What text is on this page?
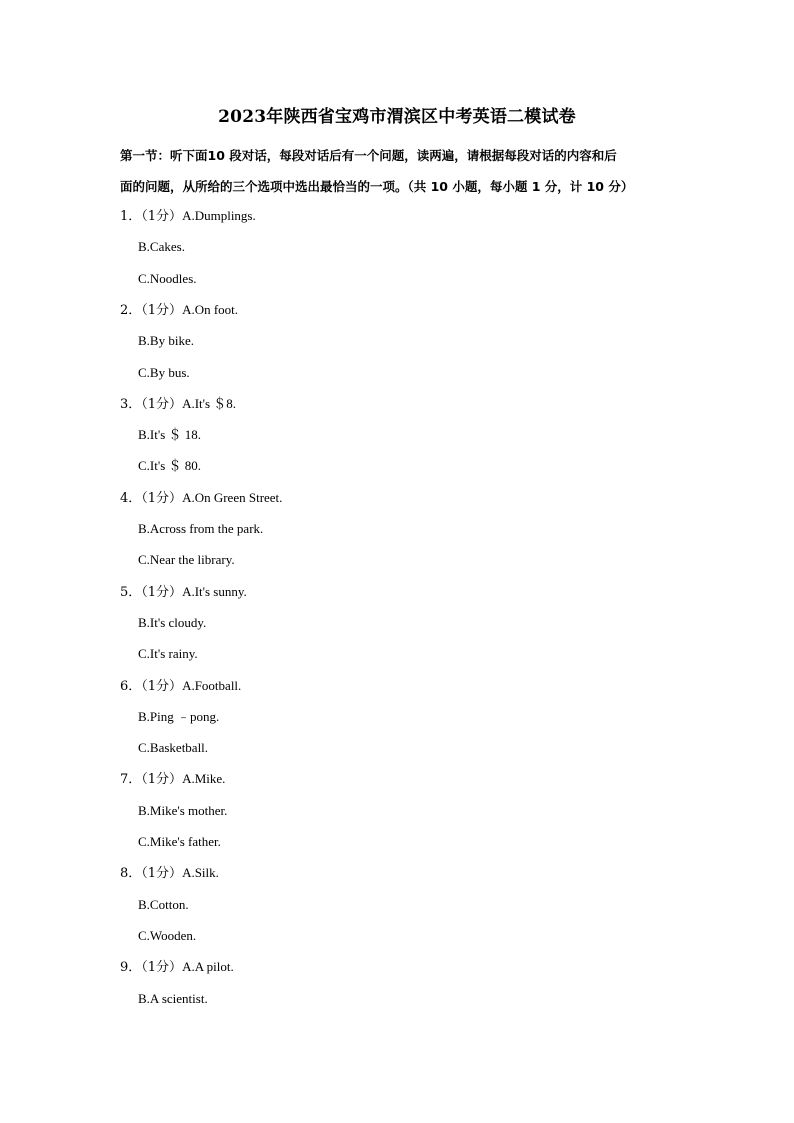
2023年陕西省宝鸡市渭滨区中考英语二模试卷
第一节：听下面10 段对话，每段对话后有一个问题，读两遍，请根据每段对话的内容和后
面的问题，从所给的三个选项中选出最恰当的一项。（共 10 小题，每小题 1 分，计 10 分）
1．（1分）A.Dumplings.
B.Cakes.
C.Noodles.
2．（1分）A.On foot.
B.By bike.
C.By bus.
3．（1分）A.It's ＄8.
B.It's ＄ 18.
C.It's ＄ 80.
4．（1分）A.On Green Street.
B.Across from the park.
C.Near the library.
5．（1分）A.It's sunny.
B.It's cloudy.
C.It's rainy.
6．（1分）A.Football.
B.Ping ﹣pong.
C.Basketball.
7．（1分）A.Mike.
B.Mike's mother.
C.Mike's father.
8．（1分）A.Silk.
B.Cotton.
C.Wooden.
9．（1分）A.A pilot.
B.A scientist.
